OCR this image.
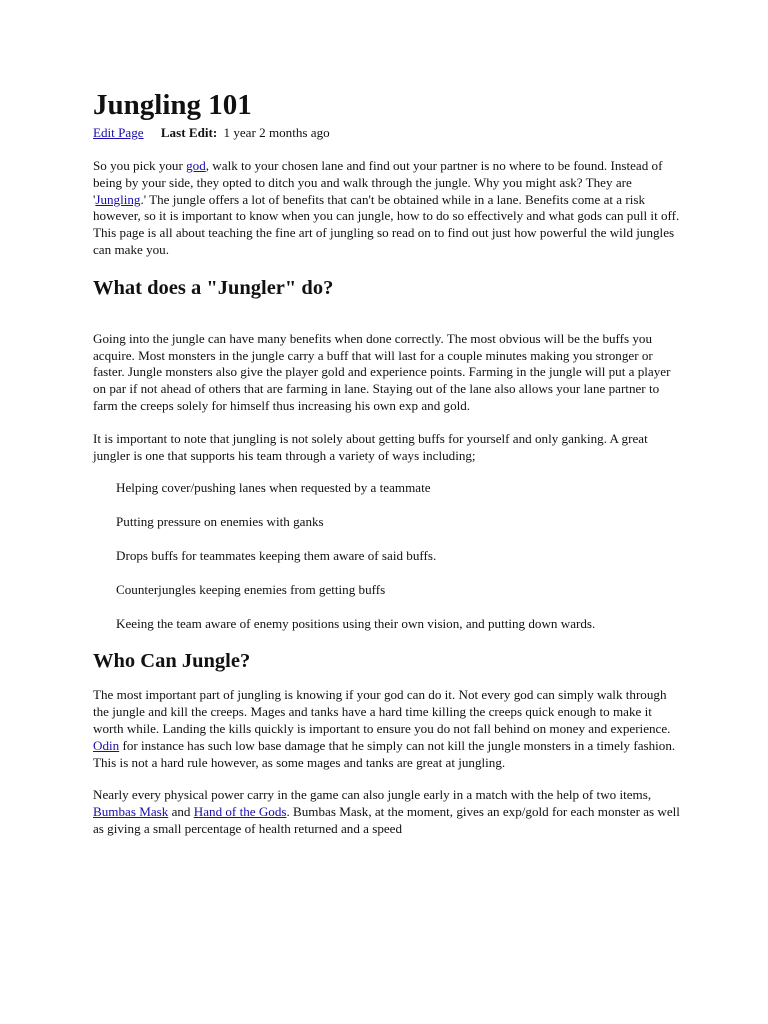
Jungling 101
Edit Page Last Edit: 1 year 2 months ago

So you pick your god, walk to your chosen lane and find out your partner is no where to be found. Instead of being by your side, they opted to ditch you and walk through the jungle. Why you might ask? They are 'Jungling.' The jungle offers a lot of benefits that can't be obtained while in a lane. Benefits come at a risk however, so it is important to know when you can jungle, how to do so effectively and what gods can pull it off. This page is all about teaching the fine art of jungling so read on to find out just how powerful the wild jungles can make you.

What does a "Jungler" do?

Going into the jungle can have many benefits when done correctly. The most obvious will be the buffs you acquire. Most monsters in the jungle carry a buff that will last for a couple minutes making you stronger or faster. Jungle monsters also give the player gold and experience points. Farming in the jungle will put a player on par if not ahead of others that are farming in lane. Staying out of the lane also allows your lane partner to farm the creeps solely for himself thus increasing his own exp and gold.

It is important to note that jungling is not solely about getting buffs for yourself and only ganking. A great jungler is one that supports his team through a variety of ways including;

Helping cover/pushing lanes when requested by a teammate
Putting pressure on enemies with ganks
Drops buffs for teammates keeping them aware of said buffs.
Counterjungles keeping enemies from getting buffs
Keeing the team aware of enemy positions using their own vision, and putting down wards.
Who Can Jungle?

The most important part of jungling is knowing if your god can do it. Not every god can simply walk through the jungle and kill the creeps. Mages and tanks have a hard time killing the creeps quick enough to make it worth while. Landing the kills quickly is important to ensure you do not fall behind on money and experience. Odin for instance has such low base damage that he simply can not kill the jungle monsters in a timely fashion. This is not a hard rule however, as some mages and tanks are great at jungling.

Nearly every physical power carry in the game can also jungle early in a match with the help of two items, Bumbas Mask and Hand of the Gods. Bumbas Mask, at the moment, gives an exp/gold for each monster as well as giving a small percentage of health returned and a speed
